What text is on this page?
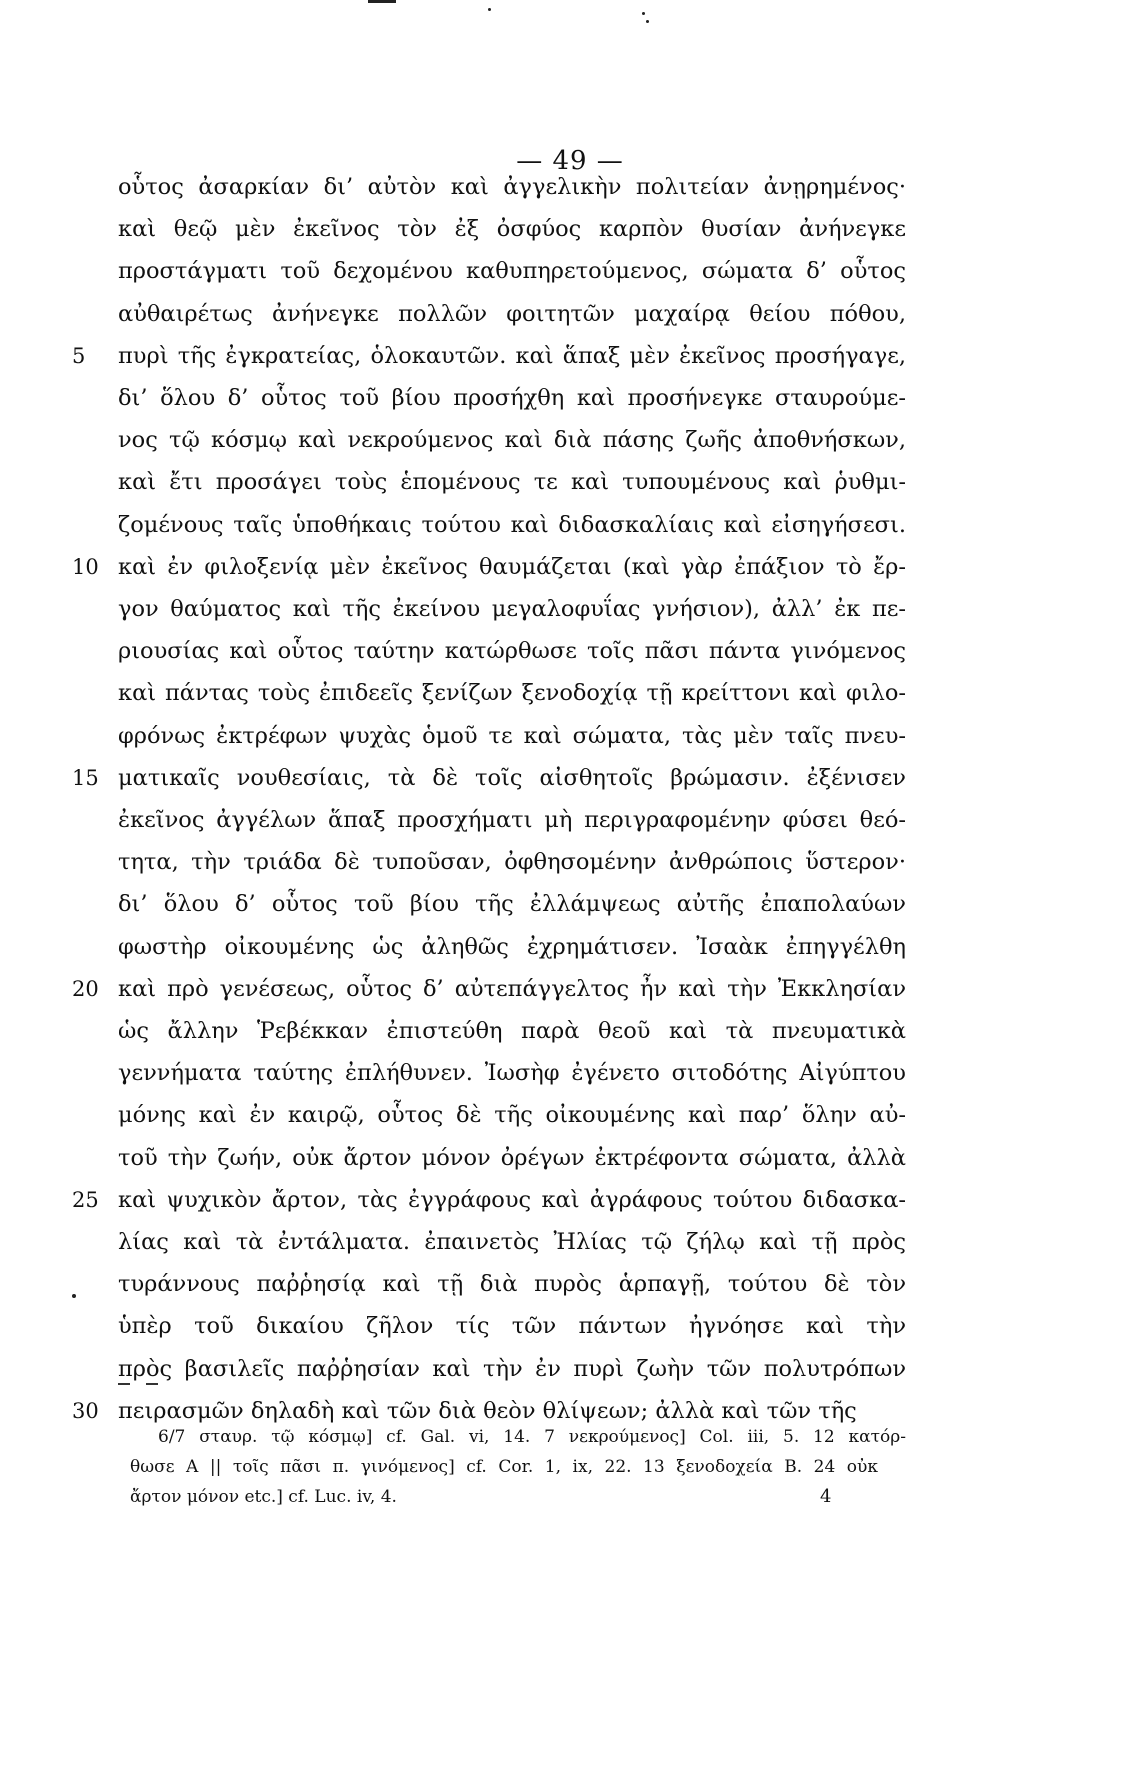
— 49 —
οὗτος ἀσαρκίαν δι’ αὐτὸν καὶ ἀγγελικὴν πολιτείαν ἀνῃρημένος·
καὶ θεῷ μὲν ἐκεῖνος τὸν ἐξ ὀσφύος καρπὸν θυσίαν ἀνήνεγκε
προστάγματι τοῦ δεχομένου καθυπηρετούμενος, σώματα δ’ οὗτος
αὐθαιρέτως ἀνήνεγκε πολλῶν φοιτητῶν μαχαίρᾳ θείου πόθου,
5	πυρὶ τῆς ἐγκρατείας, ὁλοκαυτῶν. καὶ ἅπαξ μὲν ἐκεῖνος προσήγαγε,
δι’ ὅλου δ’ οὗτος τοῦ βίου προσήχθη καὶ προσήνεγκε σταυρούμε-
νος τῷ κόσμῳ καὶ νεκρούμενος καὶ διὰ πάσης ζωῆς ἀποθνήσκων,
καὶ ἔτι προσάγει τοὺς ἑπομένους τε καὶ τυπουμένους καὶ ῥυθμι-
ζομένους ταῖς ὑποθήκαις τούτου καὶ διδασκαλίαις καὶ εἰσηγήσεσι.
10 καὶ ἐν φιλοξενίᾳ μὲν ἐκεῖνος θαυμάζεται (καὶ γὰρ ἐπάξιον τὸ ἔρ-
γον θαύματος καὶ τῆς ἐκείνου μεγαλοφυΐας γνήσιον), ἀλλ’ ἐκ πε-
ριουσίας καὶ οὗτος ταύτην κατώρθωσε τοῖς πᾶσι πάντα γινόμενος
καὶ πάντας τοὺς ἐπιδεεῖς ξενίζων ξενοδοχίᾳ τῇ κρείττονι καὶ φιλο-
φρόνως ἐκτρέφων ψυχὰς ὁμοῦ τε καὶ σώματα, τὰς μὲν ταῖς πνευ-
15 ματικαῖς νουθεσίαις, τὰ δὲ τοῖς αἰσθητοῖς βρώμασιν. ἐξένισεν
ἐκεῖνος ἀγγέλων ἅπαξ προσχήματι μὴ περιγραφομένην φύσει θεό-
τητα, τὴν τριάδα δὲ τυποῦσαν, ὀφθησομένην ἀνθρώποις ὕστερον·
δι’ ὅλου δ’ οὗτος τοῦ βίου τῆς ἐλλάμψεως αὐτῆς ἐπαπολαύων
φωστὴρ οἰκουμένης ὡς ἀληθῶς ἐχρημάτισεν. Ἰσαὰκ ἐπηγγέλθη
20 καὶ πρὸ γενέσεως, οὗτος δ’ αὐτεπάγγελτος ἦν καὶ τὴν Ἐκκλησίαν
ὡς ἄλλην Ῥεβέκκαν ἐπιστεύθη παρὰ θεοῦ καὶ τὰ πνευματικὰ
γεννήματα ταύτης ἐπλήθυνεν. Ἰωσὴφ ἐγένετο σιτοδότης Αἰγύπτου
μόνης καὶ ἐν καιρῷ, οὗτος δὲ τῆς οἰκουμένης καὶ παρ’ ὅλην αὐ-
τοῦ τὴν ζωήν, οὐκ ἄρτον μόνον ὀρέγων ἐκτρέφοντα σώματα, ἀλλὰ
25 καὶ ψυχικὸν ἄρτον, τὰς ἐγγράφους καὶ ἀγράφους τούτου διδασκα-
λίας καὶ τὰ ἐντάλματα. ἐπαινετὸς Ἠλίας τῷ ζήλῳ καὶ τῇ πρὸς
τυράννους παῤῥησίᾳ καὶ τῇ διὰ πυρὸς ἁρπαγῇ, τούτου δὲ τὸν
ὑπὲρ τοῦ δικαίου ζῆλον τίς τῶν πάντων ἠγνόησε καὶ τὴν
πρὸς βασιλεῖς παῤῥησίαν καὶ τὴν ἐν πυρὶ ζωὴν τῶν πολυτρόπων
30 πειρασμῶν δηλαδὴ καὶ τῶν διὰ θεὸν θλίψεων; ἀλλὰ καὶ τῶν τῆς
6/7 σταυρ. τῷ κόσμῳ] cf. Gal. vi, 14. 7 νεκρούμενος] Col. iii, 5. 12 κατόρ-
θωσε A || τοῖς πᾶσι π. γινόμενος] cf. Cor. 1, ix, 22. 13 ξενοδοχεία B. 24 οὐκ
ἄρτον μόνον etc.] cf. Luc. iv, 4.	4
